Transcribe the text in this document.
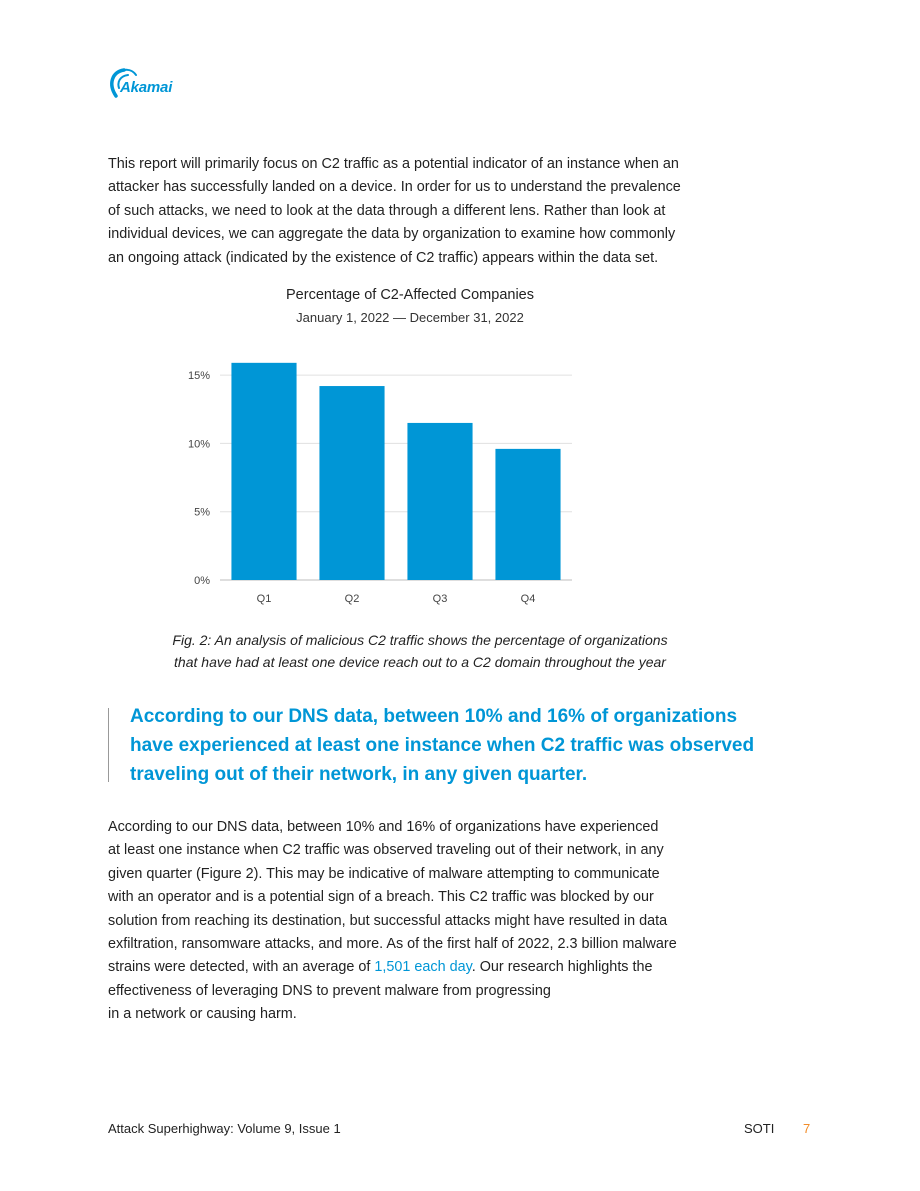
Akamai
This report will primarily focus on C2 traffic as a potential indicator of an instance when an
attacker has successfully landed on a device. In order for us to understand the prevalence
of such attacks, we need to look at the data through a different lens. Rather than look at
individual devices, we can aggregate the data by organization to examine how commonly
an ongoing attack (indicated by the existence of C2 traffic) appears within the data set.
Percentage of C2-Affected Companies
January 1, 2022 — December 31, 2022
0%
5%
10%
15%
Q1	Q2	Q3	Q4
Fig. 2: An analysis of malicious C2 traffic shows the percentage of organizations
that have had at least one device reach out to a C2 domain throughout the year
According to our DNS data, between 10% and 16% of organizations
have experienced at least one instance when C2 traffic was observed
traveling out of their network, in any given quarter.
According to our DNS data, between 10% and 16% of organizations have experienced
at least one instance when C2 traffic was observed traveling out of their network, in any
given quarter (Figure 2). This may be indicative of malware attempting to communicate
with an operator and is a potential sign of a breach. This C2 traffic was blocked by our
solution from reaching its destination, but successful attacks might have resulted in data
exfiltration, ransomware attacks, and more. As of the first half of 2022, 2.3 billion malware
strains were detected, with an average of 1,501 each day. Our research highlights the
effectiveness of leveraging DNS to prevent malware from progressing
in a network or causing harm.
Attack Superhighway: Volume 9, Issue 1	SOTI 7
